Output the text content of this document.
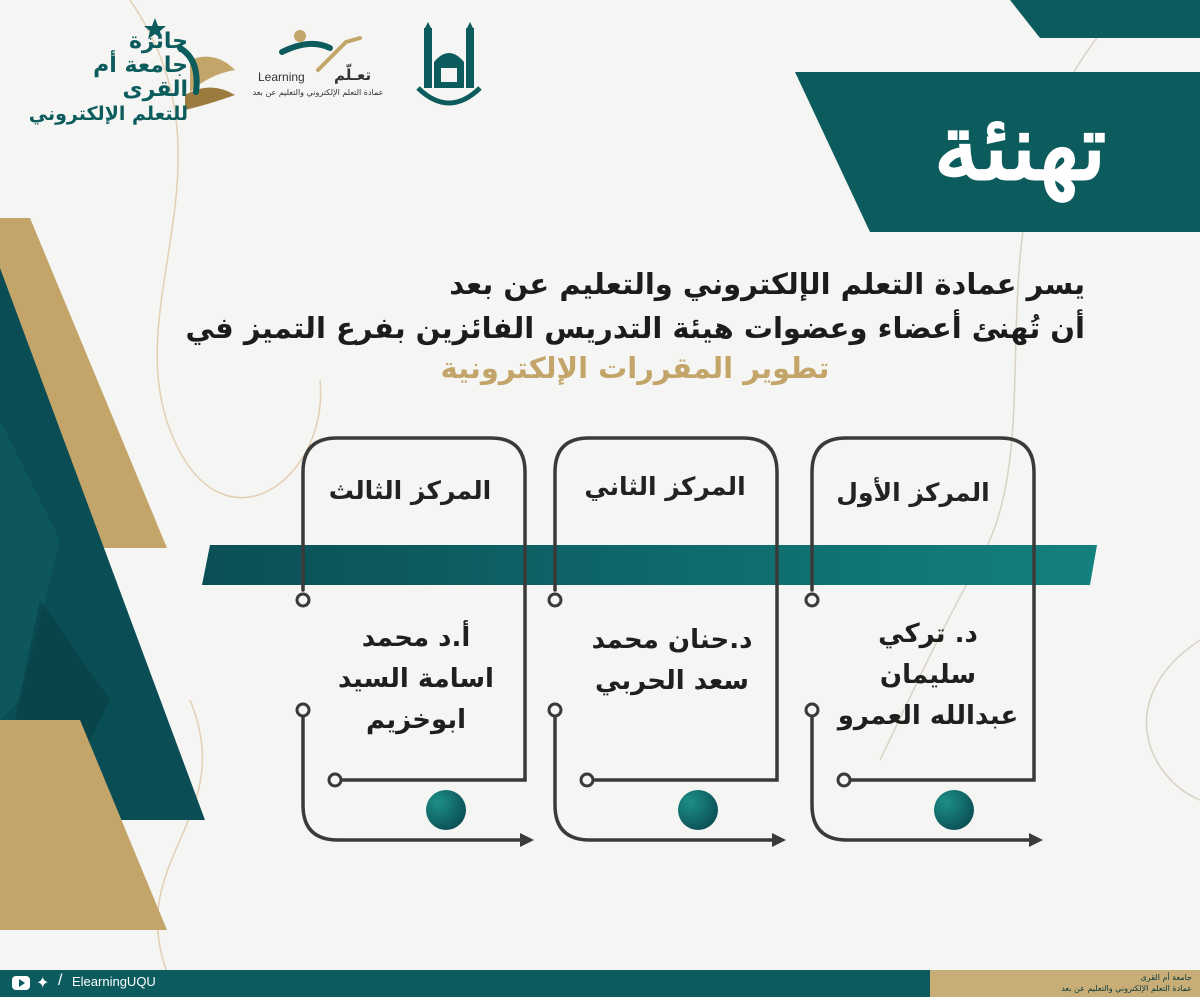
جائزة
جامعة أم القرى
للتعلم الإلكتروني
Learning تعـلّم
عمادة التعلم الإلكتروني والتعليم عن بعد
تهنئة
يسر عمادة التعلم الإلكتروني والتعليم عن بعد
أن تُهنئ أعضاء وعضوات هيئة التدريس الفائزين بفرع التميز في
تطوير المقررات الإلكترونية
المركز الأول
المركز الثاني
المركز الثالث
د. تركي
سليمان
عبدالله العمرو
د.حنان محمد
سعد الحربي
أ.د محمد
اسامة السيد
ابوخزيم
✦ / ElearningUQU	جامعة أم القرى
عمادة التعلم الإلكتروني والتعليم عن بعد
